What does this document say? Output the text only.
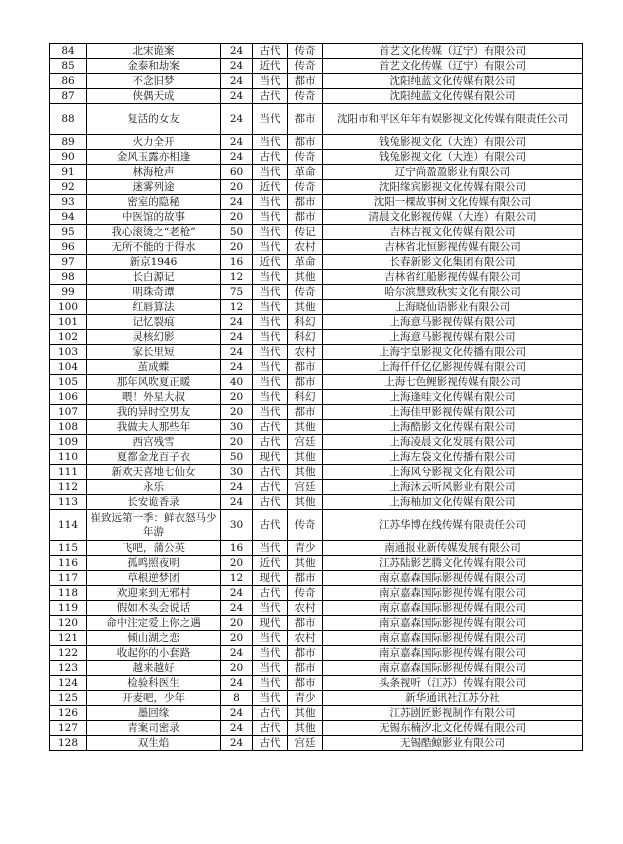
84	北宋诡案	24	古代	传奇	首艺文化传媒（辽宁）有限公司
85	金泰和劫案	24	近代	传奇	首艺文化传媒（辽宁）有限公司
86	不念旧梦	24	当代	都市	沈阳纯蓝文化传媒有限公司
87	侠偶天成	24	古代	传奇	沈阳纯蓝文化传媒有限公司
88	复活的女友	24	当代	都市	沈阳市和平区年年有娱影视文化传媒有限责任公司
89	火力全开	24	当代	都市	钱兔影视文化（大连）有限公司
90	金风玉露亦相逢	24	古代	传奇	钱兔影视文化（大连）有限公司
91	林海枪声	60	当代	革命	辽宁尚盈盈影业有限公司
92	迷雾列途	20	近代	传奇	沈阳缘宾影视文化传媒有限公司
93	密室的隐秘	24	当代	都市	沈阳一棵故事树文化传媒有限公司
94	中医馆的故事	20	当代	都市	清晨文化影视传媒（大连）有限公司
95	我心滚烫之“老枪”	50	当代	传记	吉林吉视文化传媒有限公司
96	无所不能的于得水	20	当代	农村	吉林省北恒影视传媒有限公司
97	新京1946	16	近代	革命	长春新影文化集团有限公司
98	长白源记	12	当代	其他	吉林省红船影视传媒有限公司
99	明珠奇谭	75	当代	传奇	哈尔滨慧致秋实文化有限公司
100	红唇算法	12	当代	其他	上海晓仙语影业有限公司
101	记忆裂痕	24	当代	科幻	上海意马影视传媒有限公司
102	灵核幻影	24	当代	科幻	上海意马影视传媒有限公司
103	家长里短	24	当代	农村	上海宇皇影视文化传播有限公司
104	茧成蝶	24	当代	都市	上海仟仟亿亿影视传媒有限公司
105	那年风吹夏正暖	40	当代	都市	上海七色鲤影视传媒有限公司
106	喂！外星大叔	20	当代	科幻	上海逢哇文化传媒有限公司
107	我的异时空男友	20	当代	都市	上海佳甲影视传媒有限公司
108	我做夫人那些年	30	古代	其他	上海酷影文化传媒有限公司
109	西宫残雪	20	古代	宫廷	上海凌晨文化发展有限公司
110	夏都金龙百子衣	50	现代	其他	上海左袋文化传播有限公司
111	新欢天喜地七仙女	30	古代	其他	上海风兮影视文化有限公司
112	永乐	24	古代	宫廷	上海沐云听风影业有限公司
113	长安诡香录	24	古代	其他	上海柚加文化传媒有限公司
114	崔致远第一季：鲜衣怒马少年游	30	古代	传奇	江苏华博在线传媒有限责任公司
115	飞吧，蒲公英	16	当代	青少	南通报业新传媒发展有限公司
116	孤鸣照夜明	20	近代	其他	江苏陆影艺腾文化传媒有限公司
117	草根逆梦团	12	现代	都市	南京嘉森国际影视传媒有限公司
118	欢迎来到无邪村	24	古代	传奇	南京嘉森国际影视传媒有限公司
119	假如木头会说话	24	当代	农村	南京嘉森国际影视传媒有限公司
120	命中注定爱上你之遇	20	现代	都市	南京嘉森国际影视传媒有限公司
121	倾山湖之恋	20	当代	农村	南京嘉森国际影视传媒有限公司
122	收起你的小套路	24	当代	都市	南京嘉森国际影视传媒有限公司
123	越来越好	20	当代	都市	南京嘉森国际影视传媒有限公司
124	检验科医生	24	当代	都市	头条视听（江苏）传媒有限公司
125	开麦吧，少年	8	当代	青少	新华通讯社江苏分社
126	墨回缘	24	古代	其他	江苏剧匠影视制作有限公司
127	青案司密录	24	古代	其他	无锡东楠汐北文化传媒有限公司
128	双生焰	24	古代	宫廷	无锡酷鲸影业有限公司
